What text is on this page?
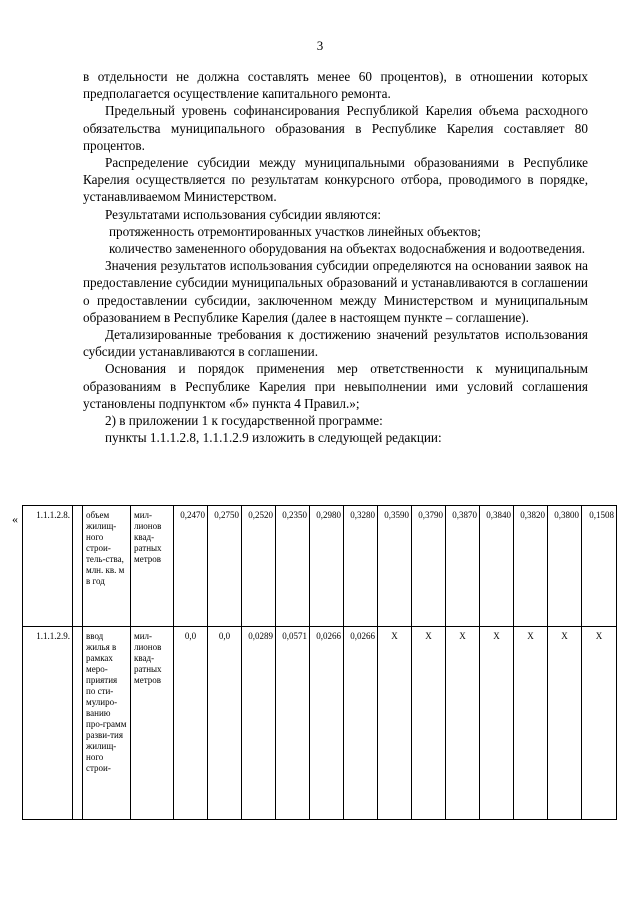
3

в отдельности не должна составлять менее 60 процентов), в отношении которых предполагается осуществление капитального ремонта.

Предельный уровень софинансирования Республикой Карелия объема расходного обязательства муниципального образования в Республике Карелия составляет 80 процентов.

Распределение субсидии между муниципальными образованиями в Республике Карелия осуществляется по результатам конкурсного отбора, проводимого в порядке, устанавливаемом Министерством.

Результатами использования субсидии являются:

протяженность отремонтированных участков линейных объектов;

количество замененного оборудования на объектах водоснабжения и водоотведения.

Значения результатов использования субсидии определяются на основании заявок на предоставление субсидии муниципальных образований и устанавливаются в соглашении о предоставлении субсидии, заключенном между Министерством и муниципальным образованием в Республике Карелия (далее в настоящем пункте – соглашение).

Детализированные требования к достижению значений результатов использования субсидии устанавливаются в соглашении.

Основания и порядок применения мер ответственности к муниципальным образованиям в Республике Карелия при невыполнении ими условий соглашения установлены подпунктом «б» пункта 4 Правил.»;

2) в приложении 1 к государственной программе:

пункты 1.1.1.2.8, 1.1.1.2.9 изложить в следующей редакции:

« 1.1.1.2.8.		объем жилищ-ного строи-тель-ства, млн. кв. м в год	мил-лионов квад-ратных метров	0,2470	0,2750	0,2520	0,2350	0,2980	0,3280	0,3590	0,3790	0,3870	0,3840	0,3820	0,3800	0,1508
1.1.1.2.9.		ввод жилья в рамках меро-приятия по сти-мулиро-ванию про-грамм разви-тия жилищ-ного строи-	мил-лионов квад-ратных метров	0,0	0,0	0,0289	0,0571	0,0266	0,0266	X	X	X	X	X	X	X
